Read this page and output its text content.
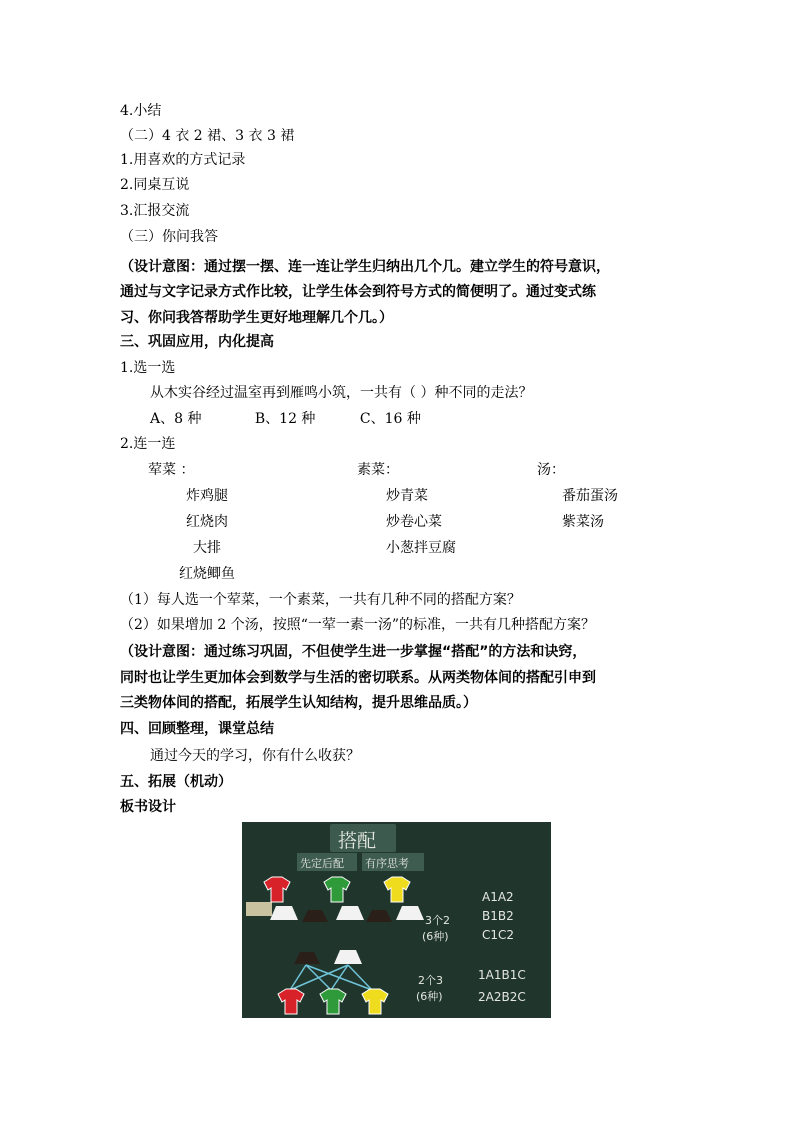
4.小结
（二）4 衣 2 裙、3 衣 3 裙
1.用喜欢的方式记录
2.同桌互说
3.汇报交流
（三）你问我答
（设计意图：通过摆一摆、连一连让学生归纳出几个几。建立学生的符号意识，
通过与文字记录方式作比较，让学生体会到符号方式的简便明了。通过变式练
习、你问我答帮助学生更好地理解几个几。）
三、巩固应用，内化提高
1.选一选
从木实谷经过温室再到雁鸣小筑，一共有（ ）种不同的走法？
A、8 种            B、12 种          C、16 种
2.连一连
荤菜 ：	素菜：	汤：
炸鸡腿
红烧肉
大排
红烧鲫鱼
炒青菜
炒卷心菜
小葱拌豆腐
番茄蛋汤
紫菜汤
（1）每人选一个荤菜，一个素菜，一共有几种不同的搭配方案？
（2）如果增加 2 个汤，按照“一荤一素一汤”的标准，一共有几种搭配方案？
（设计意图：通过练习巩固，不但使学生进一步掌握“搭配”的方法和诀窍，
同时也让学生更加体会到数学与生活的密切联系。从两类物体间的搭配引申到
三类物体间的搭配，拓展学生认知结构，提升思维品质。）
四、回顾整理，课堂总结
通过今天的学习，你有什么收获？
五、拓展（机动）
板书设计
搭配
先定后配 有序思考
3个2
(6种)
2个3
(6种)
A1A2
B1B2
C1C2
1A1B1C
2A2B2C
